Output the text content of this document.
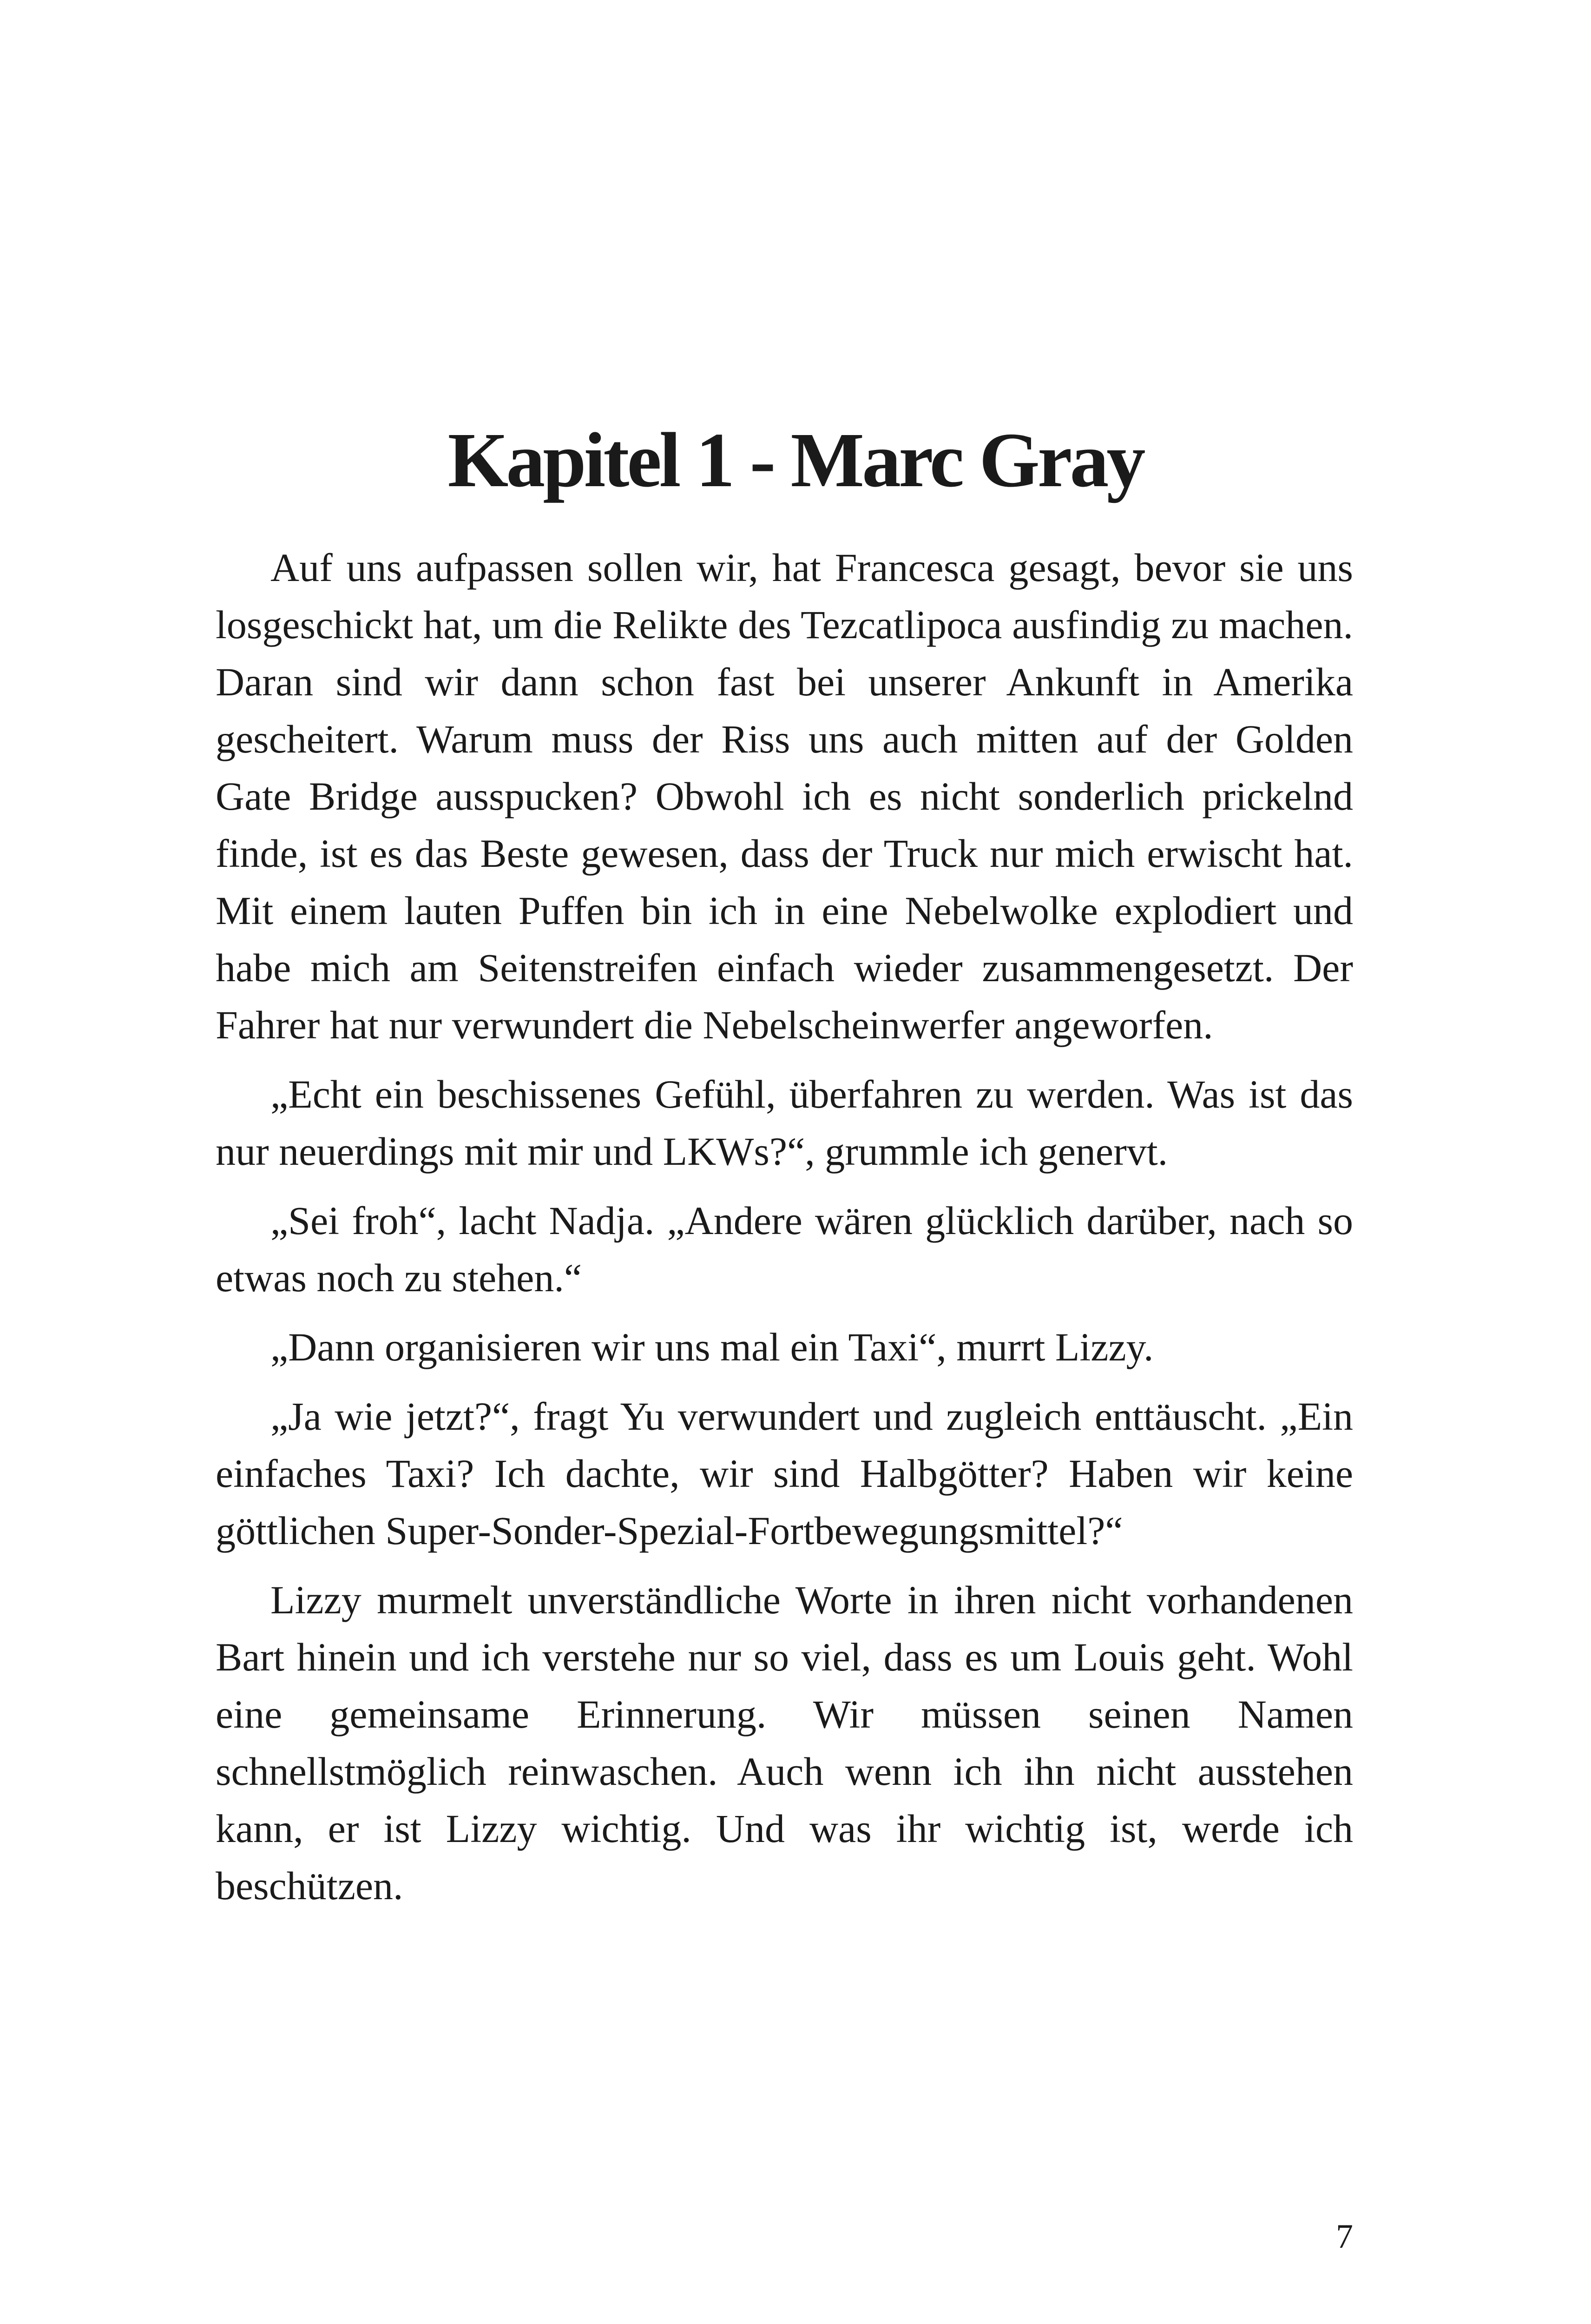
Kapitel 1 - Marc Gray

Auf uns aufpassen sollen wir, hat Francesca gesagt, bevor sie uns losgeschickt hat, um die Relikte des Tezcatlipoca ausfindig zu machen. Daran sind wir dann schon fast bei unserer Ankunft in Amerika gescheitert. Warum muss der Riss uns auch mitten auf der Golden Gate Bridge ausspucken? Obwohl ich es nicht sonderlich prickelnd finde, ist es das Beste gewesen, dass der Truck nur mich erwischt hat. Mit einem lauten Puffen bin ich in eine Nebelwolke explodiert und habe mich am Seitenstreifen einfach wieder zusammengesetzt. Der Fahrer hat nur verwundert die Nebelscheinwerfer angeworfen.

„Echt ein beschissenes Gefühl, überfahren zu werden. Was ist das nur neuerdings mit mir und LKWs?“, grummle ich genervt.

„Sei froh“, lacht Nadja. „Andere wären glücklich darüber, nach so etwas noch zu stehen.“

„Dann organisieren wir uns mal ein Taxi“, murrt Lizzy.

„Ja wie jetzt?“, fragt Yu verwundert und zugleich enttäuscht. „Ein einfaches Taxi? Ich dachte, wir sind Halbgötter? Haben wir keine göttlichen Super-Sonder-Spezial-Fortbewegungsmittel?“

Lizzy murmelt unverständliche Worte in ihren nicht vorhandenen Bart hinein und ich verstehe nur so viel, dass es um Louis geht. Wohl eine gemeinsame Erinnerung. Wir müssen seinen Namen schnellstmöglich reinwaschen. Auch wenn ich ihn nicht ausstehen kann, er ist Lizzy wichtig. Und was ihr wichtig ist, werde ich beschützen.

7
